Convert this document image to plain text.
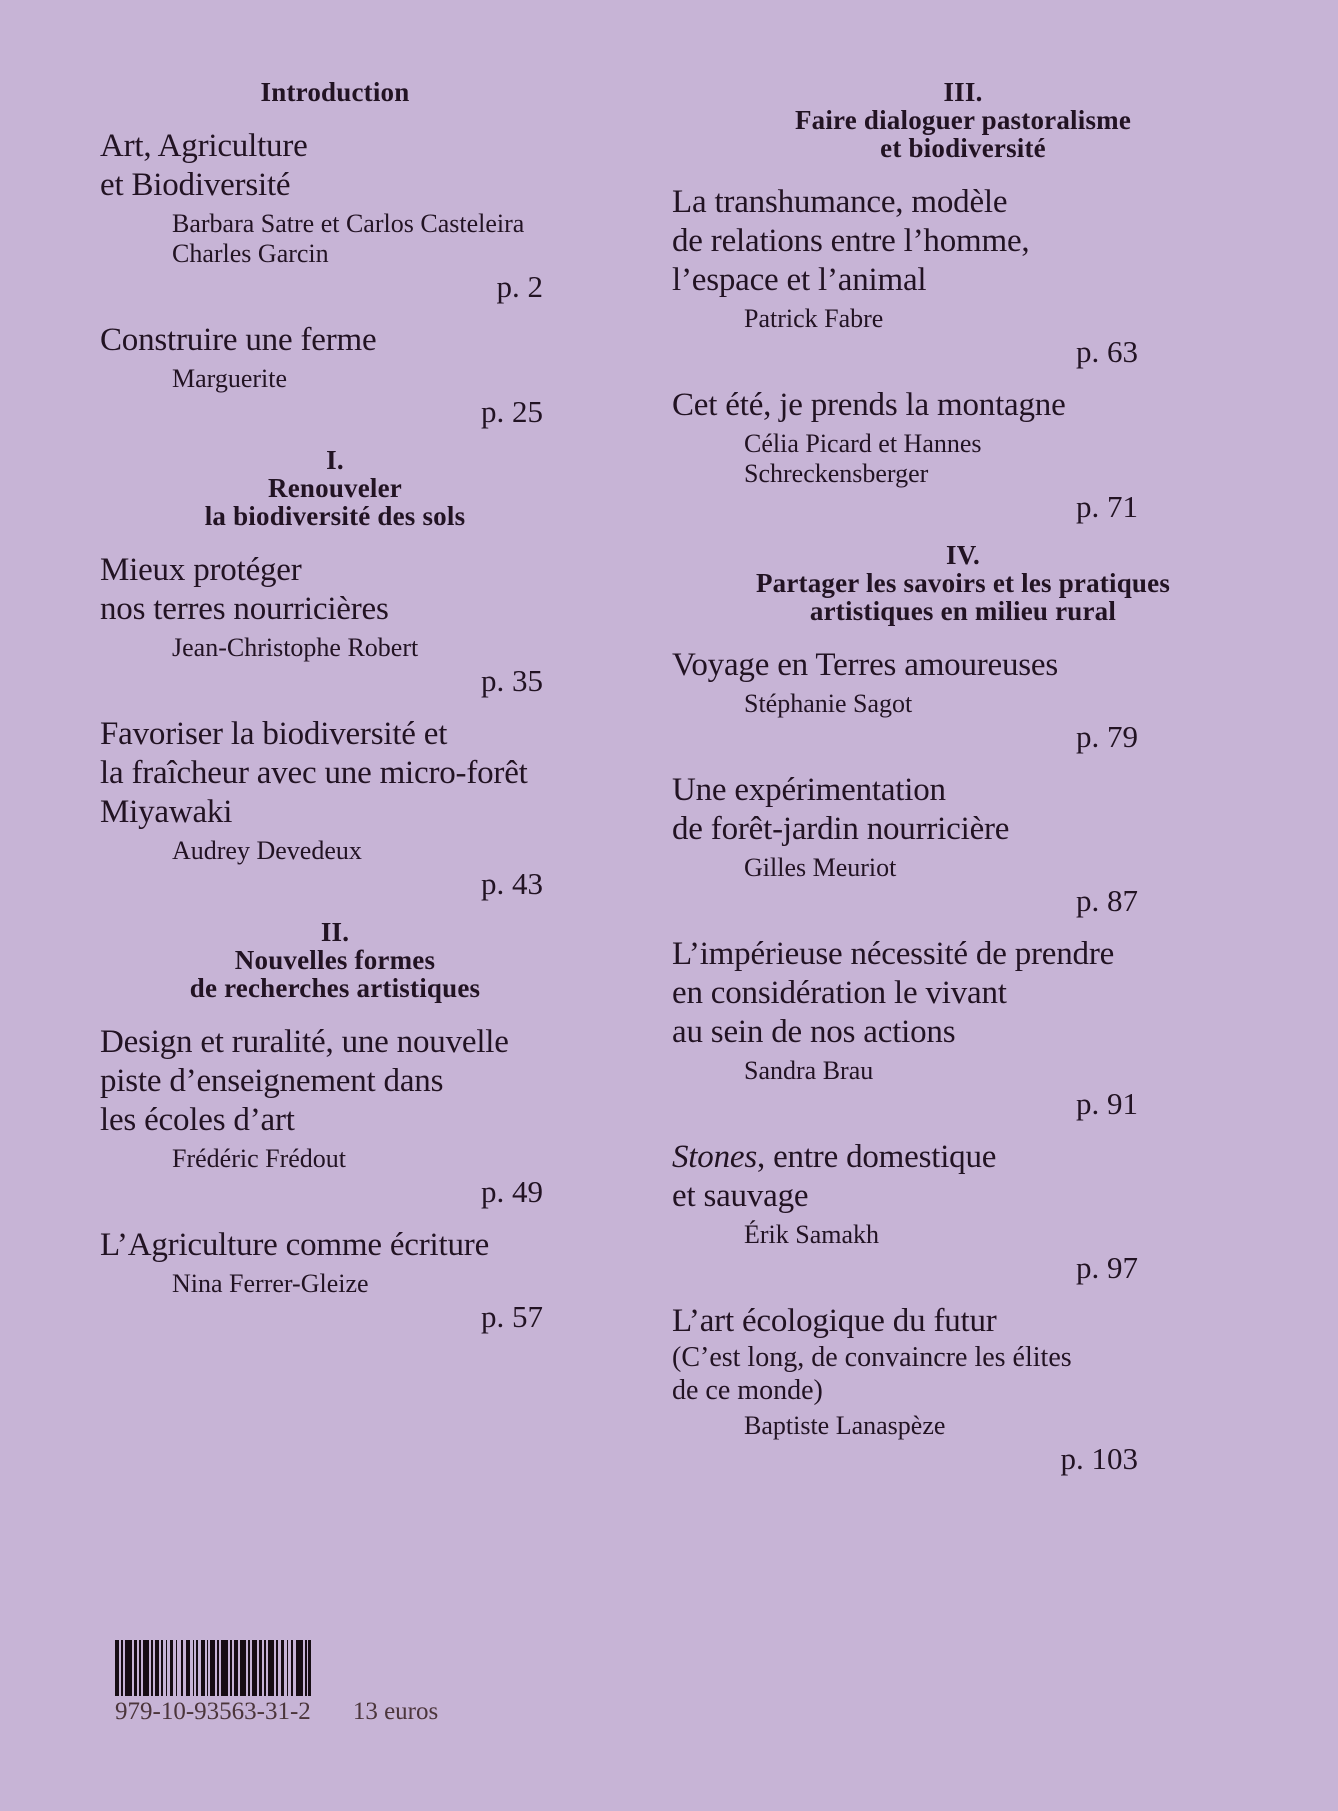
Introduction
Art, Agriculture
et Biodiversité
Barbara Satre et Carlos Casteleira
Charles Garcin
p. 2
Construire une ferme
Marguerite
p. 25
I.
Renouveler
la biodiversité des sols
Mieux protéger
nos terres nourricières
Jean-Christophe Robert
p. 35
Favoriser la biodiversité et
la fraîcheur avec une micro-forêt
Miyawaki
Audrey Devedeux
p. 43
II.
Nouvelles formes
de recherches artistiques
Design et ruralité, une nouvelle
piste d’enseignement dans
les écoles d’art
Frédéric Frédout
p. 49
L’Agriculture comme écriture
Nina Ferrer-Gleize
p. 57
III.
Faire dialoguer pastoralisme
et biodiversité
La transhumance, modèle
de relations entre l’homme,
l’espace et l’animal
Patrick Fabre
p. 63
Cet été, je prends la montagne
Célia Picard et Hannes
Schreckensberger
p. 71
IV.
Partager les savoirs et les pratiques
artistiques en milieu rural
Voyage en Terres amoureuses
Stéphanie Sagot
p. 79
Une expérimentation
de forêt-jardin nourricière
Gilles Meuriot
p. 87
L’impérieuse nécessité de prendre
en considération le vivant
au sein de nos actions
Sandra Brau
p. 91
Stones, entre domestique
et sauvage
Érik Samakh
p. 97
L’art écologique du futur
(C’est long, de convaincre les élites
de ce monde)
Baptiste Lanaspèze
p. 103
979-10-93563-31-2 13 euros
